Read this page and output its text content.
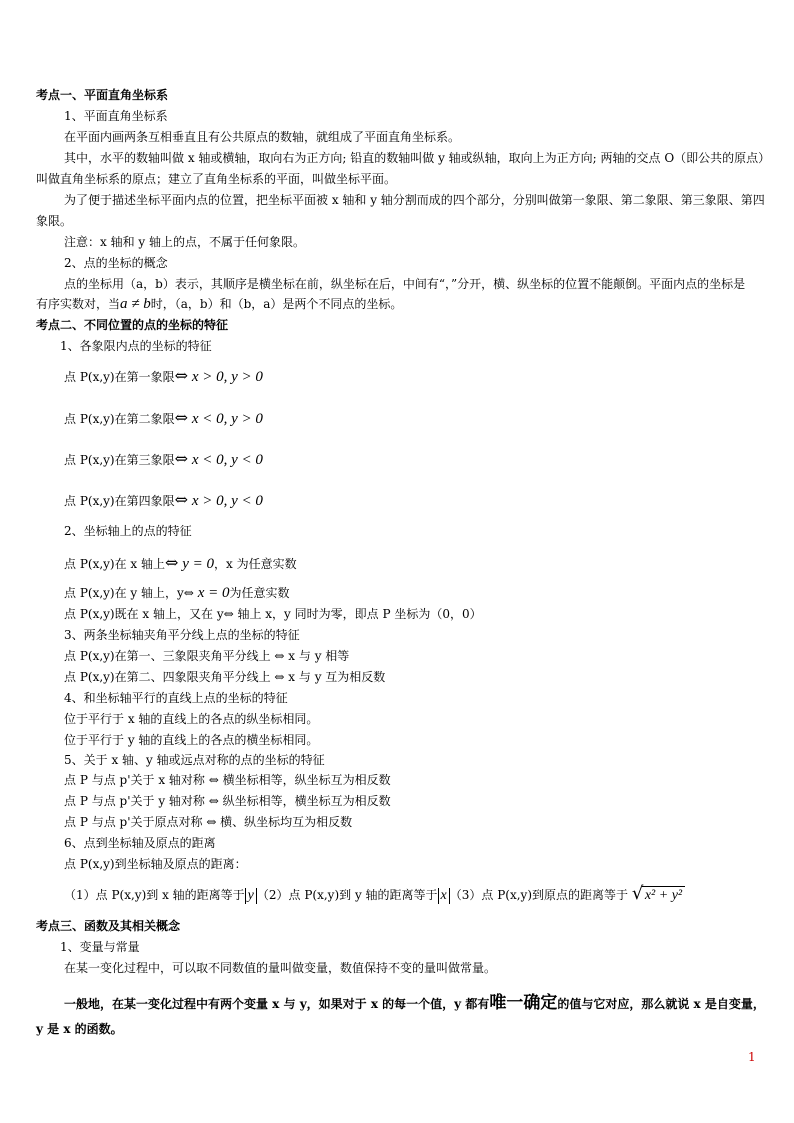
考点一、平面直角坐标系
1、平面直角坐标系
在平面内画两条互相垂直且有公共原点的数轴，就组成了平面直角坐标系。
其中，水平的数轴叫做 x 轴或横轴，取向右为正方向; 铅直的数轴叫做 y 轴或纵轴，取向上为正方向; 两轴的交点 O（即公共的原点）
叫做直角坐标系的原点；建立了直角坐标系的平面，叫做坐标平面。
为了便于描述坐标平面内点的位置，把坐标平面被 x 轴和 y 轴分割而成的四个部分，分别叫做第一象限、第二象限、第三象限、第四
象限。
注意：x 轴和 y 轴上的点，不属于任何象限。
2、点的坐标的概念
点的坐标用（a，b）表示，其顺序是横坐标在前，纵坐标在后，中间有“，”分开，横、纵坐标的位置不能颠倒。平面内点的坐标是
有序实数对，当a ≠ b时，（a，b）和（b，a）是两个不同点的坐标。
考点二、不同位置的点的坐标的特征
1、各象限内点的坐标的特征
点 P(x,y)在第一象限⇔ x > 0, y > 0
点 P(x,y)在第二象限⇔ x < 0, y > 0
点 P(x,y)在第三象限⇔ x < 0, y < 0
点 P(x,y)在第四象限⇔ x > 0, y < 0
2、坐标轴上的点的特征
点 P(x,y)在 x 轴上⇔ y = 0，x 为任意实数
点 P(x,y)在 y 轴上，y⇔ x = 0为任意实数
点 P(x,y)既在 x 轴上，又在 y⇔ 轴上 x，y 同时为零，即点 P 坐标为（0，0）
3、两条坐标轴夹角平分线上点的坐标的特征
点 P(x,y)在第一、三象限夹角平分线上 ⇔ x 与 y 相等
点 P(x,y)在第二、四象限夹角平分线上 ⇔ x 与 y 互为相反数
4、和坐标轴平行的直线上点的坐标的特征
位于平行于 x 轴的直线上的各点的纵坐标相同。
位于平行于 y 轴的直线上的各点的横坐标相同。
5、关于 x 轴、y 轴或远点对称的点的坐标的特征
点 P 与点 p'关于 x 轴对称 ⇔ 横坐标相等，纵坐标互为相反数
点 P 与点 p'关于 y 轴对称 ⇔ 纵坐标相等，横坐标互为相反数
点 P 与点 p'关于原点对称 ⇔ 横、纵坐标均互为相反数
6、点到坐标轴及原点的距离
点 P(x,y)到坐标轴及原点的距离：
（1）点 P(x,y)到 x 轴的距离等于 y （2）点 P(x,y)到 y 轴的距离等于 x （3）点 P(x,y)到原点的距离等于 √ x² + y²
考点三、函数及其相关概念
1、变量与常量
在某一变化过程中，可以取不同数值的量叫做变量，数值保持不变的量叫做常量。
一般地，在某一变化过程中有两个变量 x 与 y，如果对于 x 的每一个值，y 都有唯一确定的值与它对应，那么就说 x 是自变量，
y 是 x 的函数。
1
